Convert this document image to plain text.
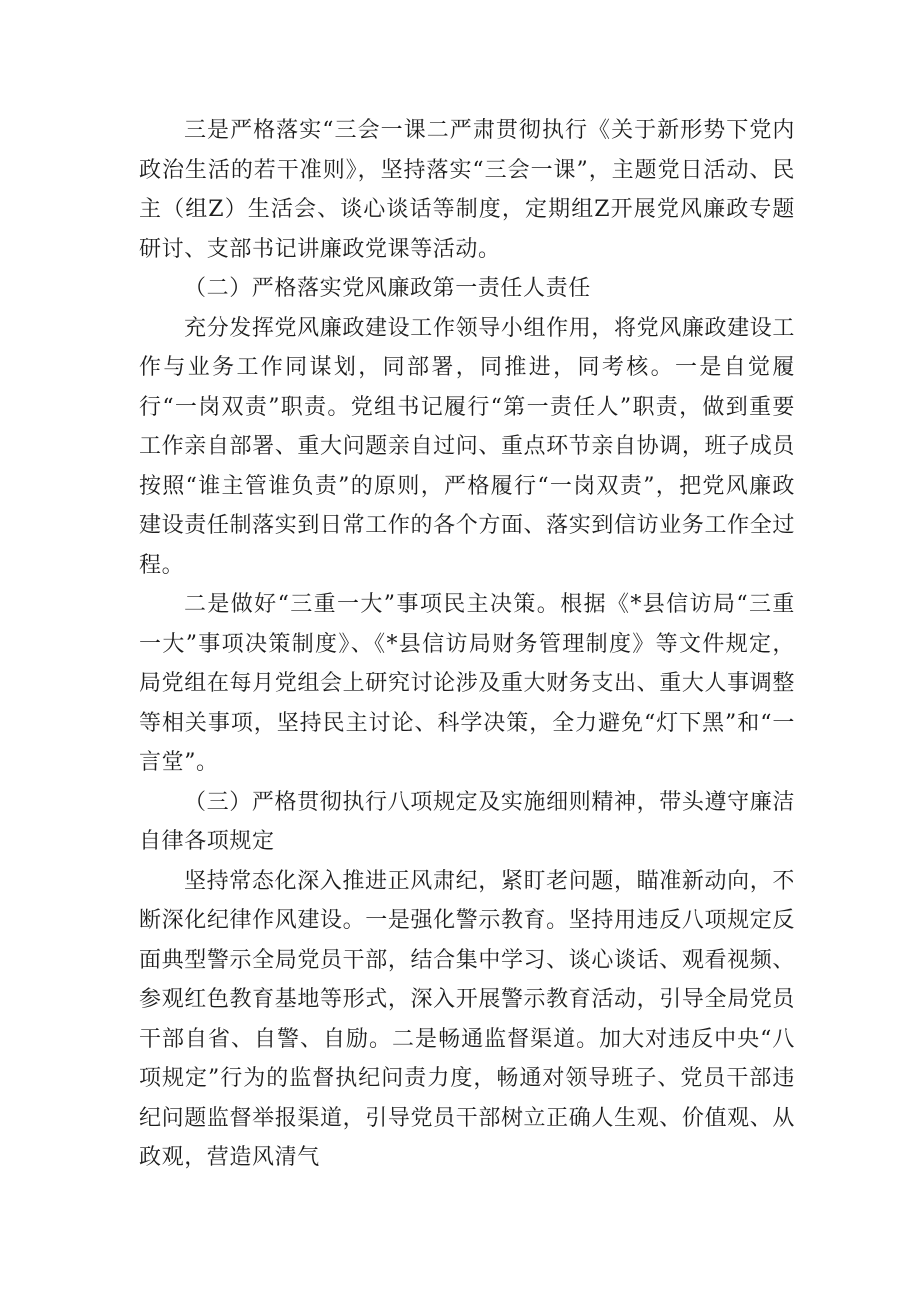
三是严格落实“三会一课二严肃贯彻执行《关于新形势下党内政治生活的若干准则》，坚持落实“三会一课”，主题党日活动、民主（组Z）生活会、谈心谈话等制度，定期组Z开展党风廉政专题研讨、支部书记讲廉政党课等活动。

（二）严格落实党风廉政第一责任人责任

充分发挥党风廉政建设工作领导小组作用，将党风廉政建设工作与业务工作同谋划，同部署，同推进，同考核。一是自觉履行“一岗双责”职责。党组书记履行“第一责任人”职责，做到重要工作亲自部署、重大问题亲自过问、重点环节亲自协调，班子成员按照“谁主管谁负责”的原则，严格履行“一岗双责”，把党风廉政建设责任制落实到日常工作的各个方面、落实到信访业务工作全过程。

二是做好“三重一大”事项民主决策。根据《*县信访局“三重一大”事项决策制度》、《*县信访局财务管理制度》等文件规定，局党组在每月党组会上研究讨论涉及重大财务支出、重大人事调整等相关事项，坚持民主讨论、科学决策，全力避免“灯下黑”和“一言堂”。

（三）严格贯彻执行八项规定及实施细则精神，带头遵守廉洁自律各项规定

坚持常态化深入推进正风肃纪，紧盯老问题，瞄准新动向，不断深化纪律作风建设。一是强化警示教育。坚持用违反八项规定反面典型警示全局党员干部，结合集中学习、谈心谈话、观看视频、参观红色教育基地等形式，深入开展警示教育活动，引导全局党员干部自省、自警、自励。二是畅通监督渠道。加大对违反中央“八项规定”行为的监督执纪问责力度，畅通对领导班子、党员干部违纪问题监督举报渠道，引导党员干部树立正确人生观、价值观、从政观，营造风清气
